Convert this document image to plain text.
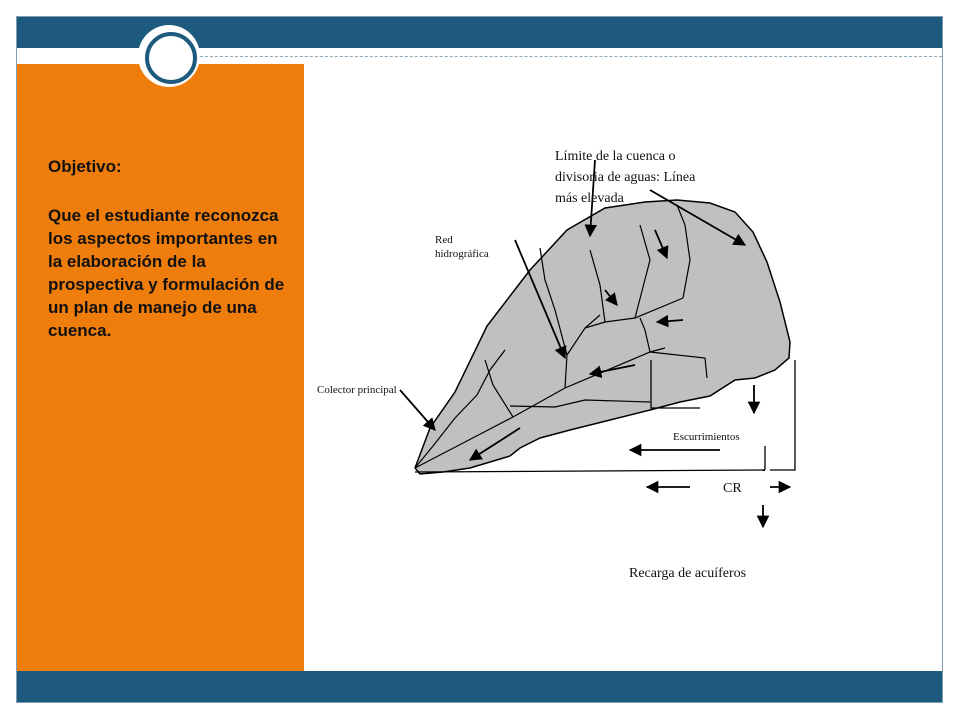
Objetivo:

Que el estudiante reconozca los aspectos importantes en la elaboración de la prospectiva y formulación de un plan de manejo de una cuenca.

Límite de la cuenca o
divisoria de aguas: Línea
más elevada
Red
hidrográfica
Colector principal
Escurrimientos
CR
Recarga de acuíferos
